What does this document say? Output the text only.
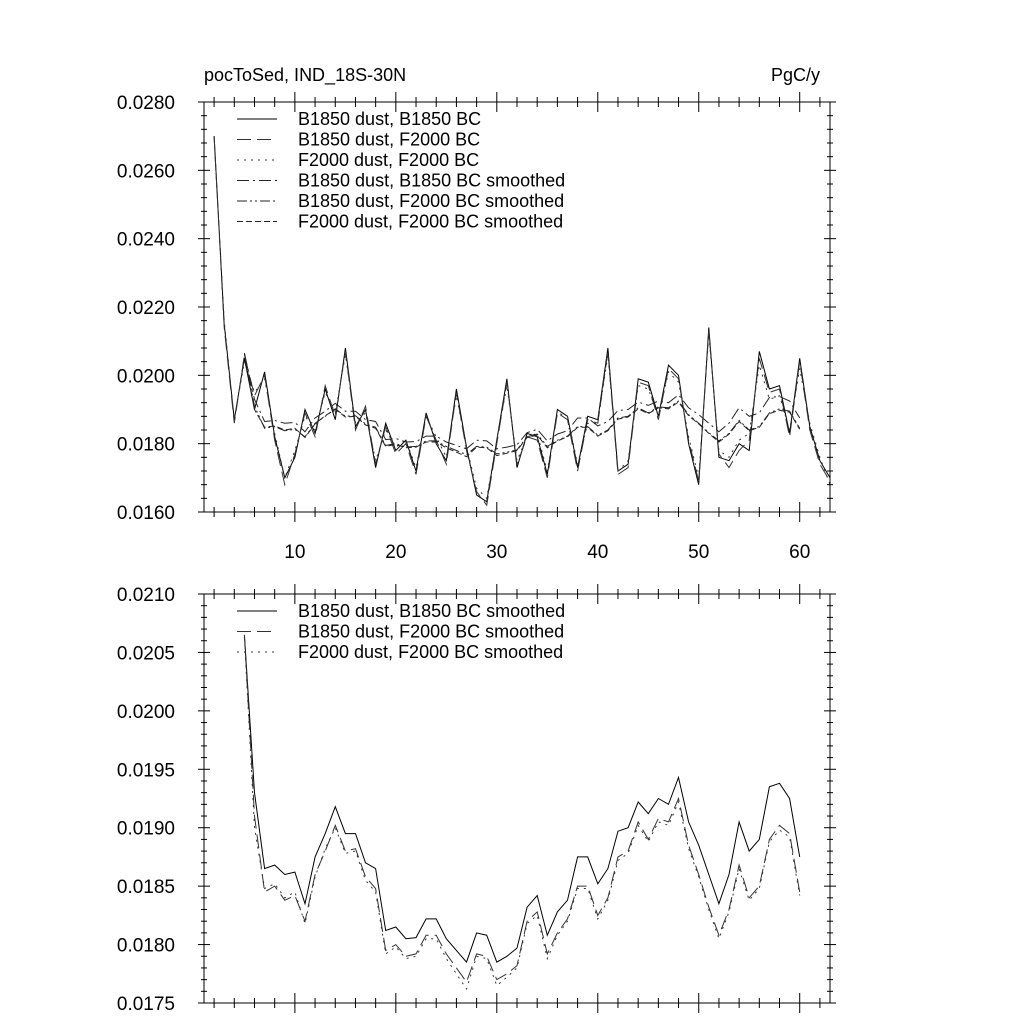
pocToSed, IND_18S-30N	PgC/y
0.0160
0.0180
0.0200
0.0220
0.0240
0.0260
0.0280
10	20	30	40	50	60
B1850 dust, B1850 BC
B1850 dust, F2000 BC
F2000 dust, F2000 BC
B1850 dust, B1850 BC smoothed
B1850 dust, F2000 BC smoothed
F2000 dust, F2000 BC smoothed
0.0175
0.0180
0.0185
0.0190
0.0195
0.0200
0.0205
0.0210
B1850 dust, B1850 BC smoothed
B1850 dust, F2000 BC smoothed
F2000 dust, F2000 BC smoothed
